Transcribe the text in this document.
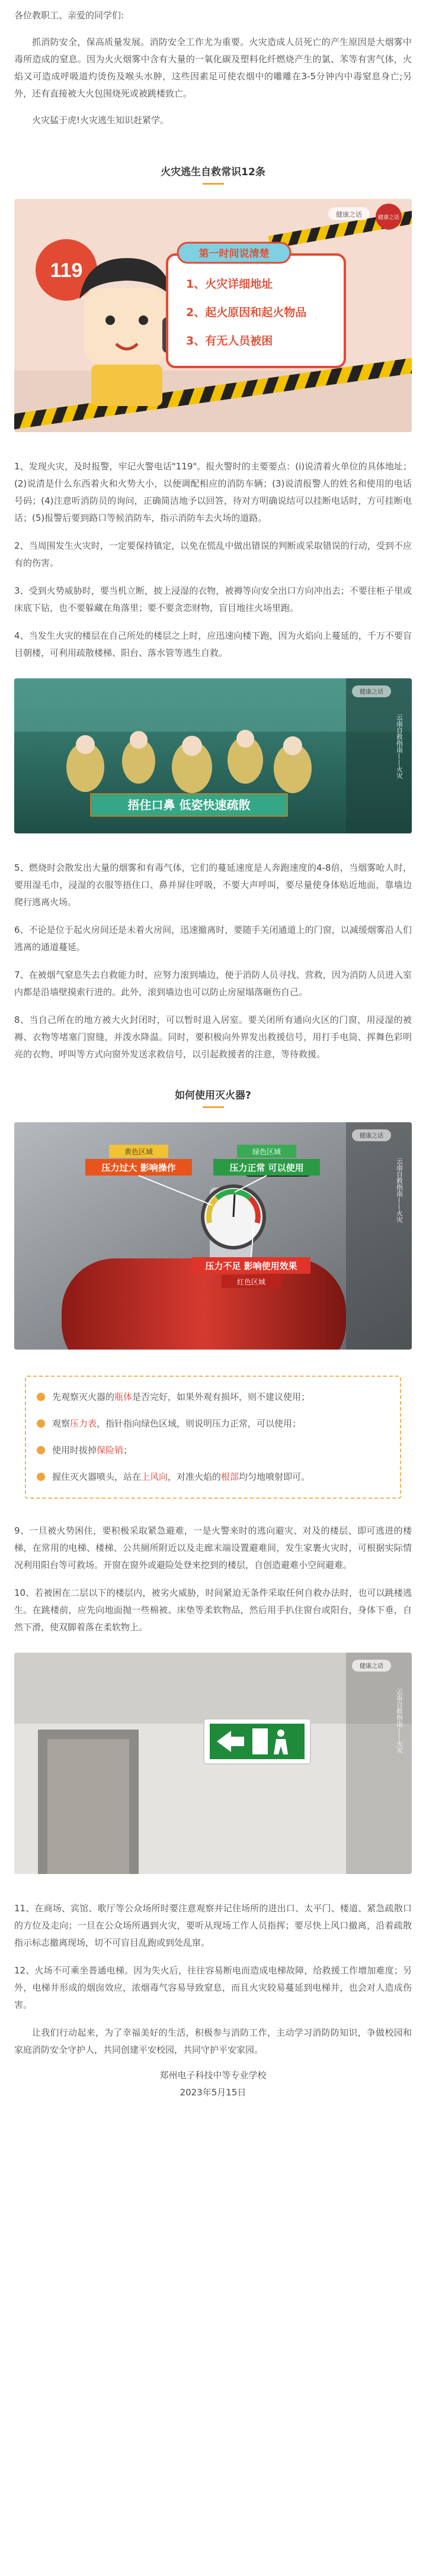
各位教职工、亲爱的同学们:

抓消防安全，保高质量发展。消防安全工作尤为重要。火灾造成人员死亡的产生原因是大烟雾中毒所造成的窒息。因为火火烟雾中含有大量的一氧化碳及塑料化纤燃烧产生的氯、苯等有害气体，火焰又可造成呼吸道灼烫伤及喉头水肿，这些因素足可使农烟中的雕雕在3-5分钟内中毒窒息身亡;另外，还有直接被大火包围烧死或被跳楼致亡。

火灾猛于虎!火灾逃生知识赶紧学。

火灾逃生自救常识12条
119
第一时间说清楚
1、火灾详细地址
2、起火原因和起火物品
3、有无人员被困
健康之话	健康之话

1、发现火灾，及时报警，牢记火警电话"119"。报火警时的主要要点：(i)说清着火单位的具体地址；(2)说清是什么东西着火和火势大小，以便调配相应的消防车辆；(3)说清报警人的姓名和使用的电话号码；(4)注意听消防员的询问，正确简洁地予以回答，待对方明确说结可以挂断电话时，方可挂断电话；(5)报警后要到路口等候消防车，指示消防车去火场的道路。

2、当周围发生火灾时，一定要保持镇定，以免在慌乱中做出错误的判断或采取错误的行动，受到不应有的伤害。

3、受到火势威胁时，要当机立断，披上浸湿的衣物，被褥等向安全出口方向冲出去；不要往柜子里或床底下钻，也不要躲藏在角落里；要不要贪恋财物，盲目地往火场里跑。

4、当发生火灾的楼层在自己所处的楼层之上时，应迅速向楼下跑，因为火焰向上蔓延的，千万不要盲目朝楼，可利用疏散楼梯、阳台、落水管等逃生自救。

健康之话
云南自救指南——火灾
捂住口鼻 低姿快速疏散

5、燃烧时会散发出大量的烟雾和有毒气体，它们的蔓延速度是人奔跑速度的4-8倍，当烟雾呛人时，要用湿毛巾，浸湿的衣服等捂住口、鼻并屏住呼吸，不要大声呼叫，要尽量使身体贴近地面，靠墙边爬行逃离火场。

6、不论是位于起火房间还是未着火房间，迅速撤离时，要随手关闭通道上的门窗，以减缓烟雾沿人们逃离的通道蔓延。

7、在被烟气窒息失去自救能力时，应努力滚到墙边，便于消防人员寻找、营救，因为消防人员进入室内都是沿墙壁摸索行进的。此外，滚到墙边也可以防止房屋塌落砸伤自己。

8、当自己所在的地方被大火封闭时，可以暂时退入居室。要关闭所有通向火区的门窗，用浸湿的被褥、衣物等堵塞门窗缝，并泼水降温。同时，要积极向外界发出救援信号，用打手电筒、挥舞色彩明亮的衣物、呼叫等方式向窗外发送求救信号，以引起救援者的注意，等待救援。

如何使用灭火器?
黄色区域
压力过大 影响操作
绿色区域
压力正常 可以使用
压力不足 影响使用效果
红色区域
健康之话
云南自救指南——火灾
先观察灭火器的瓶体是否完好，如果外观有损坏，则不建议使用；
观察压力表，指针指向绿色区域，则说明压力正常，可以使用；
使用时拔掉保险销；
握住灭火器喷头，站在上风向，对准火焰的根部均匀地喷射即可。

9、一旦被火势困住，要积极采取紧急避难，一是火警来时的逃向避灾、对及的楼层、即可逃进的楼梯，在常用的电梯、楼梯、公共厕所附近以及走廊末端设置避难间，发生家裹火灾时，可根据实际情况利用阳台等可救场。开窗在窗外或避险处登来挖到的楼层，自创造避难小空间避难。

10、若被困在二层以下的楼层内，被劣火威胁，时间紧迫无条件采取任何自救办法时，也可以跳楼逃生。在跳楼前，应先向地面抛一些棉被、床垫等柔软物品，然后用手扒住窗台或阳台，身体下垂，自然下滑，使双脚着落在柔软物上。

健康之话
云南自救指南——火灾

11、在商场、宾馆、歌厅等公众场所时要注意观察并记住场所的进出口、太平门、楼道、紧急疏散口的方位及走向；一旦在公众场所遇到火灾，要听从现场工作人员指挥；要尽快上风口撤离，沿着疏散指示标志撤离现场，切不可盲目乱跑或到处乱窜。

12、火场不可乘坐普通电梯。因为失火后，往往容易断电而造成电梯故障，给救援工作增加难度；另外，电梯井形成的烟囱效应，浓烟毒气容易导致窒息，而且火灾较易蔓延到电梯井，也会对人造成伤害。

让我们行动起来，为了幸福美好的生活，积极参与消防工作，主动学习消防防知识，争做校园和家庭消防安全守护人，共同创建平安校园，共同守护平安家园。

郑州电子科技中等专业学校
2023年5月15日
